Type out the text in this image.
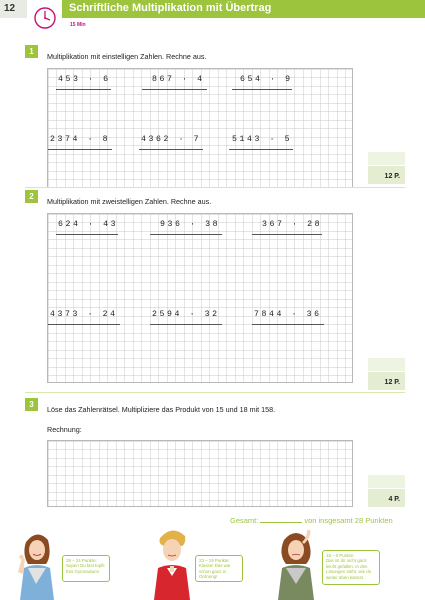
12	Schriftliche Multiplikation mit Übertrag
15 Min
1
Multiplikation mit einstelligen Zahlen. Rechne aus.
453 · 6	867 · 4	654 · 9
2374 · 8	4362 · 7	5143 · 5
12 P.
2
Multiplikation mit zweistelligen Zahlen. Rechne aus.
624 · 43	936 · 38	367 · 28
4373 · 24	2594 · 32	7844 · 36
12 P.
3
Löse das Zahlenrätsel. Multipliziere das Produkt von 15 und 18 mit 158.
Rechnung:
4 P.
Gesamt:	von insgesamt 28 Punkten
28 – 24 Punkte:
Super! Du bist topfit fürs Gymnasium!
23 – 19 Punkte:
Klasse! Das war schon ganz in Ordnung!
18 – 0 Punkte:
Das ist dir nicht ganz leicht gefallen. In den Lösungen steht, wie du weiter üben kannst.
